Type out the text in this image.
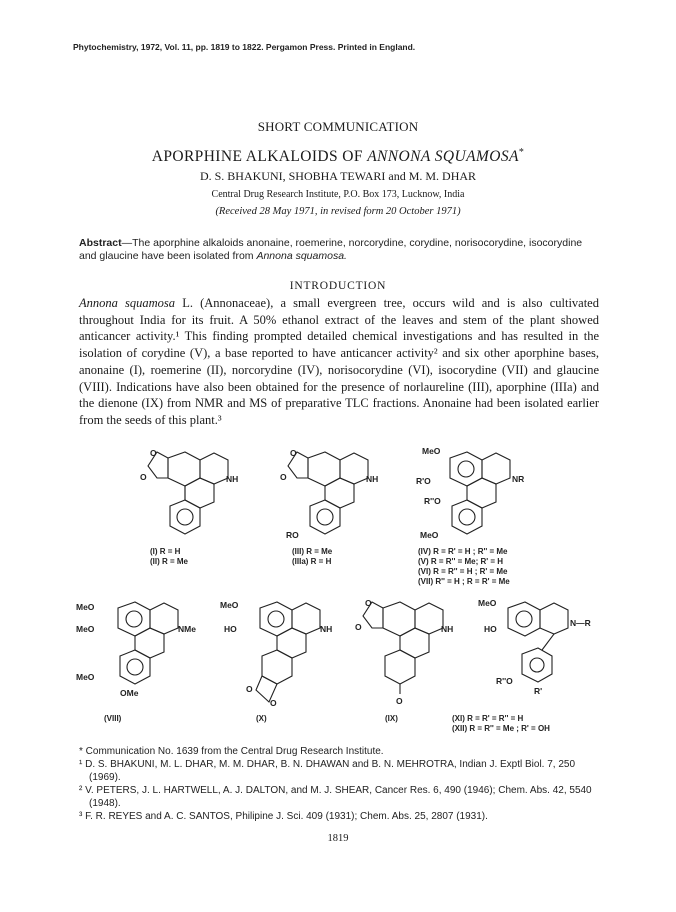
Phytochemistry, 1972, Vol. 11, pp. 1819 to 1822. Pergamon Press. Printed in England.
SHORT COMMUNICATION
APORPHINE ALKALOIDS OF ANNONA SQUAMOSA*
D. S. BHAKUNI, SHOBHA TEWARI and M. M. DHAR
Central Drug Research Institute, P.O. Box 173, Lucknow, India
(Received 28 May 1971, in revised form 20 October 1971)
Abstract—The aporphine alkaloids anonaine, roemerine, norcorydine, corydine, norisocorydine, isocorydine and glaucine have been isolated from Annona squamosa.
INTRODUCTION
Annona squamosa L. (Annonaceae), a small evergreen tree, occurs wild and is also cultivated throughout India for its fruit. A 50% ethanol extract of the leaves and stem of the plant showed anticancer activity.¹ This finding prompted detailed chemical investigations and has resulted in the isolation of corydine (V), a base reported to have anticancer activity² and six other aporphine bases, anonaine (I), roemerine (II), norcorydine (IV), norisocorydine (VI), isocorydine (VII) and glaucine (VIII). Indications have also been obtained for the presence of norlaureline (III), aporphine (IIIa) and the dienone (IX) from NMR and MS of preparative TLC fractions. Anonaine had been isolated earlier from the seeds of this plant.³
O
O	NH
O
O	NH
RO
MeO
R'O
R''O
MeO
NR
(I) R = H
(II) R = Me
(III) R = Me
(IIIa) R = H
(IV) R = R' = H ; R'' = Me
(V) R = R'' = Me; R' = H
(VI) R = R'' = H ; R' = Me
(VII) R'' = H ; R = R' = Me
MeO
MeO
MeO
OMe
NMe
MeO
HO	NH
O
O
O
O	NH
O
MeO
HO
N—R
R''O
R'
(VIII)	(X)	(IX)	(XI) R = R' = R'' = H
(XII) R = R'' = Me ; R' = OH

* Communication No. 1639 from the Central Drug Research Institute.

¹ D. S. BHAKUNI, M. L. DHAR, M. M. DHAR, B. N. DHAWAN and B. N. MEHROTRA, Indian J. Exptl Biol. 7, 250 (1969).

² V. PETERS, J. L. HARTWELL, A. J. DALTON, and M. J. SHEAR, Cancer Res. 6, 490 (1946); Chem. Abs. 42, 5540 (1948).

³ F. R. REYES and A. C. SANTOS, Philipine J. Sci. 409 (1931); Chem. Abs. 25, 2807 (1931).

1819
